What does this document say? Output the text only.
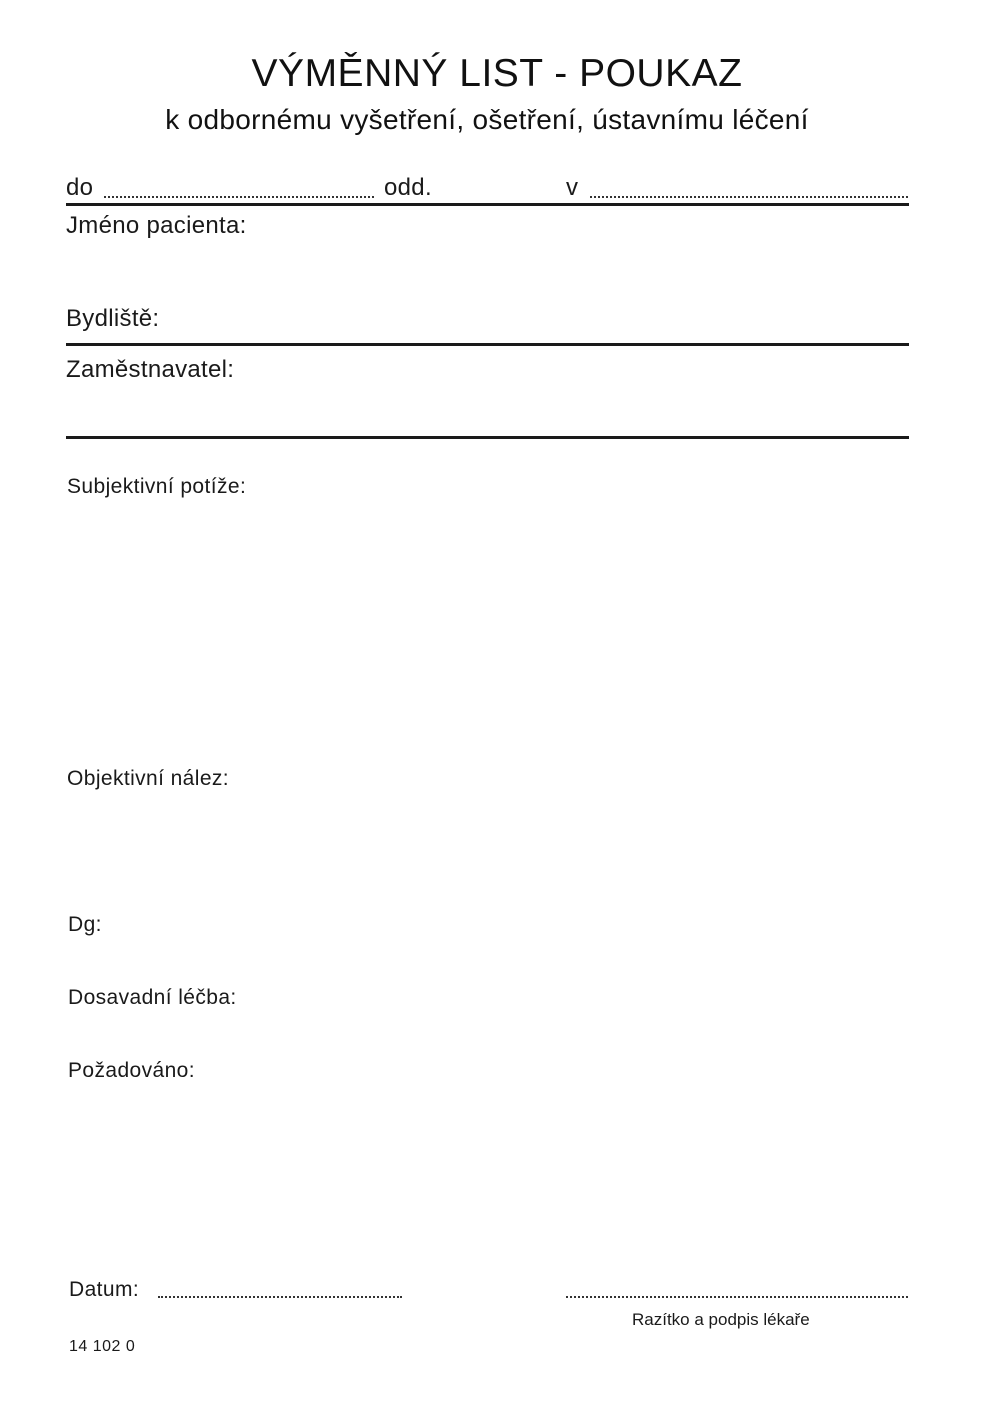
VÝMĚNNÝ LIST - POUKAZ
k odbornému vyšetření, ošetření, ústavnímu léčení
do	odd.	v
Jméno pacienta:
Bydliště:
Zaměstnavatel:
Subjektivní potíže:
Objektivní nález:
Dg:
Dosavadní léčba:
Požadováno:
Datum:
Razítko a podpis lékaře
14 102 0
